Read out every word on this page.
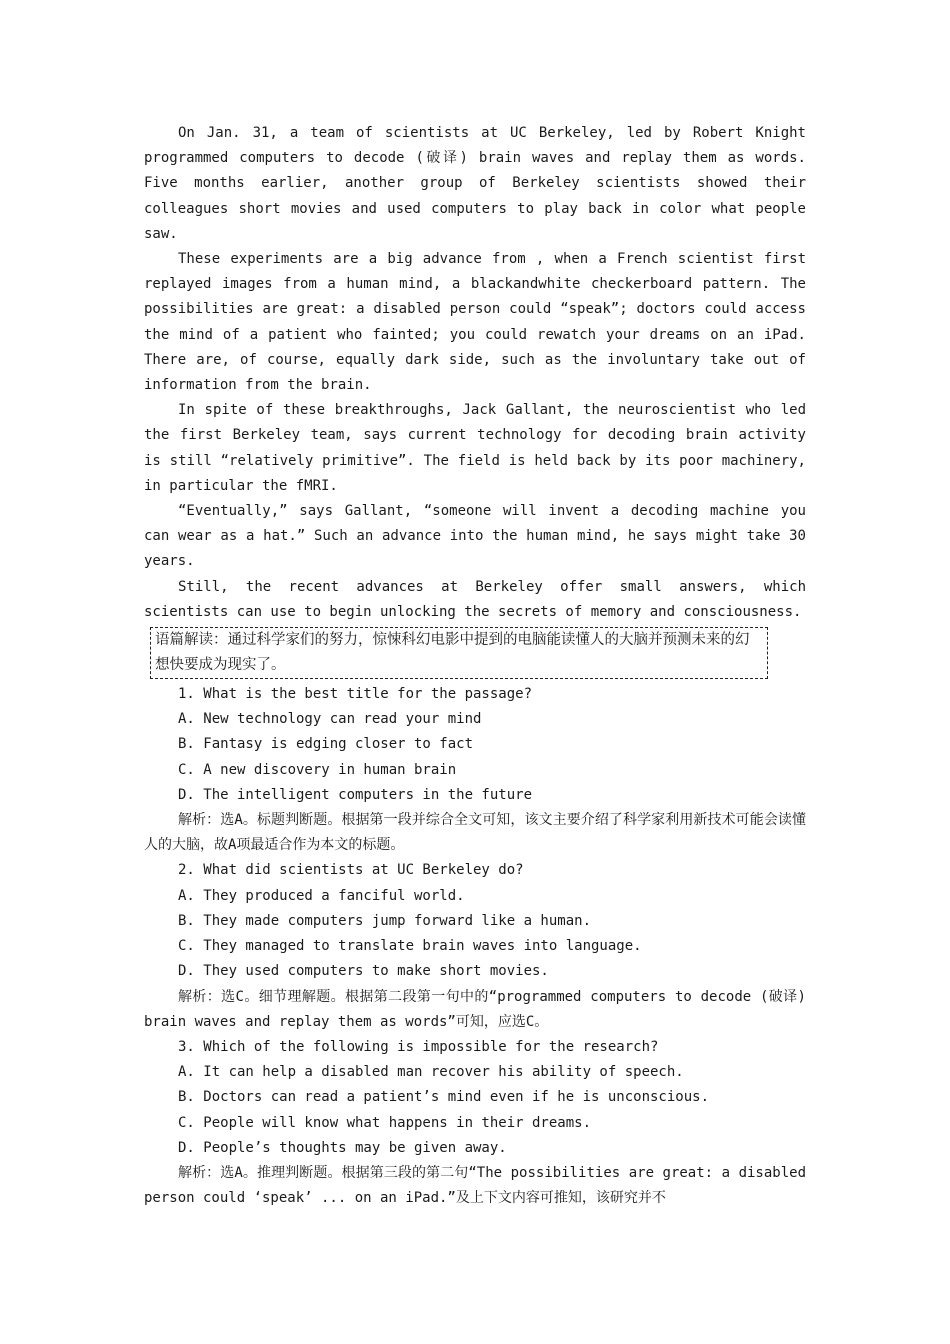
On Jan. 31, a team of scientists at UC Berkeley, led by Robert Knight programmed computers to decode (破译) brain waves and replay them as words. Five months earlier, another group of Berkeley scientists showed their colleagues short movies and used computers to play back in color what people saw.

These experiments are a big advance from , when a French scientist first replayed images from a human mind, a blackandwhite checkerboard pattern. The possibilities are great: a disabled person could “speak”; doctors could access the mind of a patient who fainted; you could rewatch your dreams on an iPad. There are, of course, equally dark side, such as the involuntary take out of information from the brain.

In spite of these breakthroughs, Jack Gallant, the neuroscientist who led the first Berkeley team, says current technology for decoding brain activity is still “relatively primitive”. The field is held back by its poor machinery, in particular the fMRI.

“Eventually,” says Gallant, “someone will invent a decoding machine you can wear as a hat.” Such an advance into the human mind, he says might take 30 years.

Still, the recent advances at Berkeley offer small answers, which scientists can use to begin unlocking the secrets of memory and consciousness.

语篇解读：通过科学家们的努力，惊悚科幻电影中提到的电脑能读懂人的大脑并预测未来的幻想快要成为现实了。

1. What is the best title for the passage?

A. New technology can read your mind

B. Fantasy is edging closer to fact

C. A new discovery in human brain

D. The intelligent computers in the future

解析：选A。标题判断题。根据第一段并综合全文可知，该文主要介绍了科学家利用新技术可能会读懂人的大脑，故A项最适合作为本文的标题。

2. What did scientists at UC Berkeley do?

A. They produced a fanciful world.

B. They made computers jump forward like a human.

C. They managed to translate brain waves into language.

D. They used computers to make short movies.

解析：选C。细节理解题。根据第二段第一句中的“programmed computers to decode (破译) brain waves and replay them as words”可知，应选C。

3. Which of the following is impossible for the research?

A. It can help a disabled man recover his ability of speech.

B. Doctors can read a patient’s mind even if he is unconscious.

C. People will know what happens in their dreams.

D. People’s thoughts may be given away.

解析：选A。推理判断题。根据第三段的第二句“The possibilities are great: a disabled person could ‘speak’ ... on an iPad.”及上下文内容可推知，该研究并不
